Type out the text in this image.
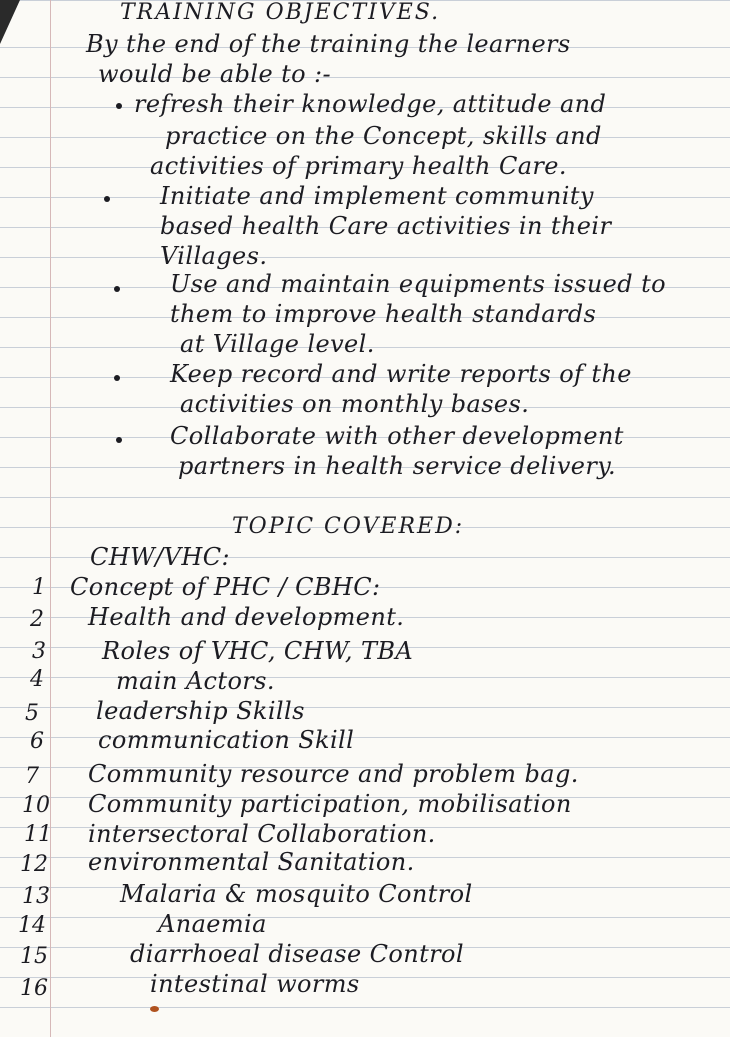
TRAINING OBJECTIVES.
By the end of the training the learners
would be able to :-
refresh their knowledge, attitude and
practice on the Concept, skills and
activities of primary health Care.
Initiate and implement community
based health Care activities in their
Villages.
Use and maintain equipments issued to
them to improve health standards
at Village level.
Keep record and write reports of the
activities on monthly bases.
Collaborate with other development
partners in health service delivery.
TOPIC COVERED:
CHW/VHC:
1 Concept of PHC / CBHC:
2 Health and development.
3 Roles of VHC, CHW, TBA
4	main Actors.
5 leadership Skills
6 communication Skill
7 Community resource and problem bag.
10 Community participation, mobilisation
11 intersectoral Collaboration.
12 environmental Sanitation.
13	Malaria & mosquito Control
14	Anaemia
15	diarrhoeal disease Control
16	intestinal worms
